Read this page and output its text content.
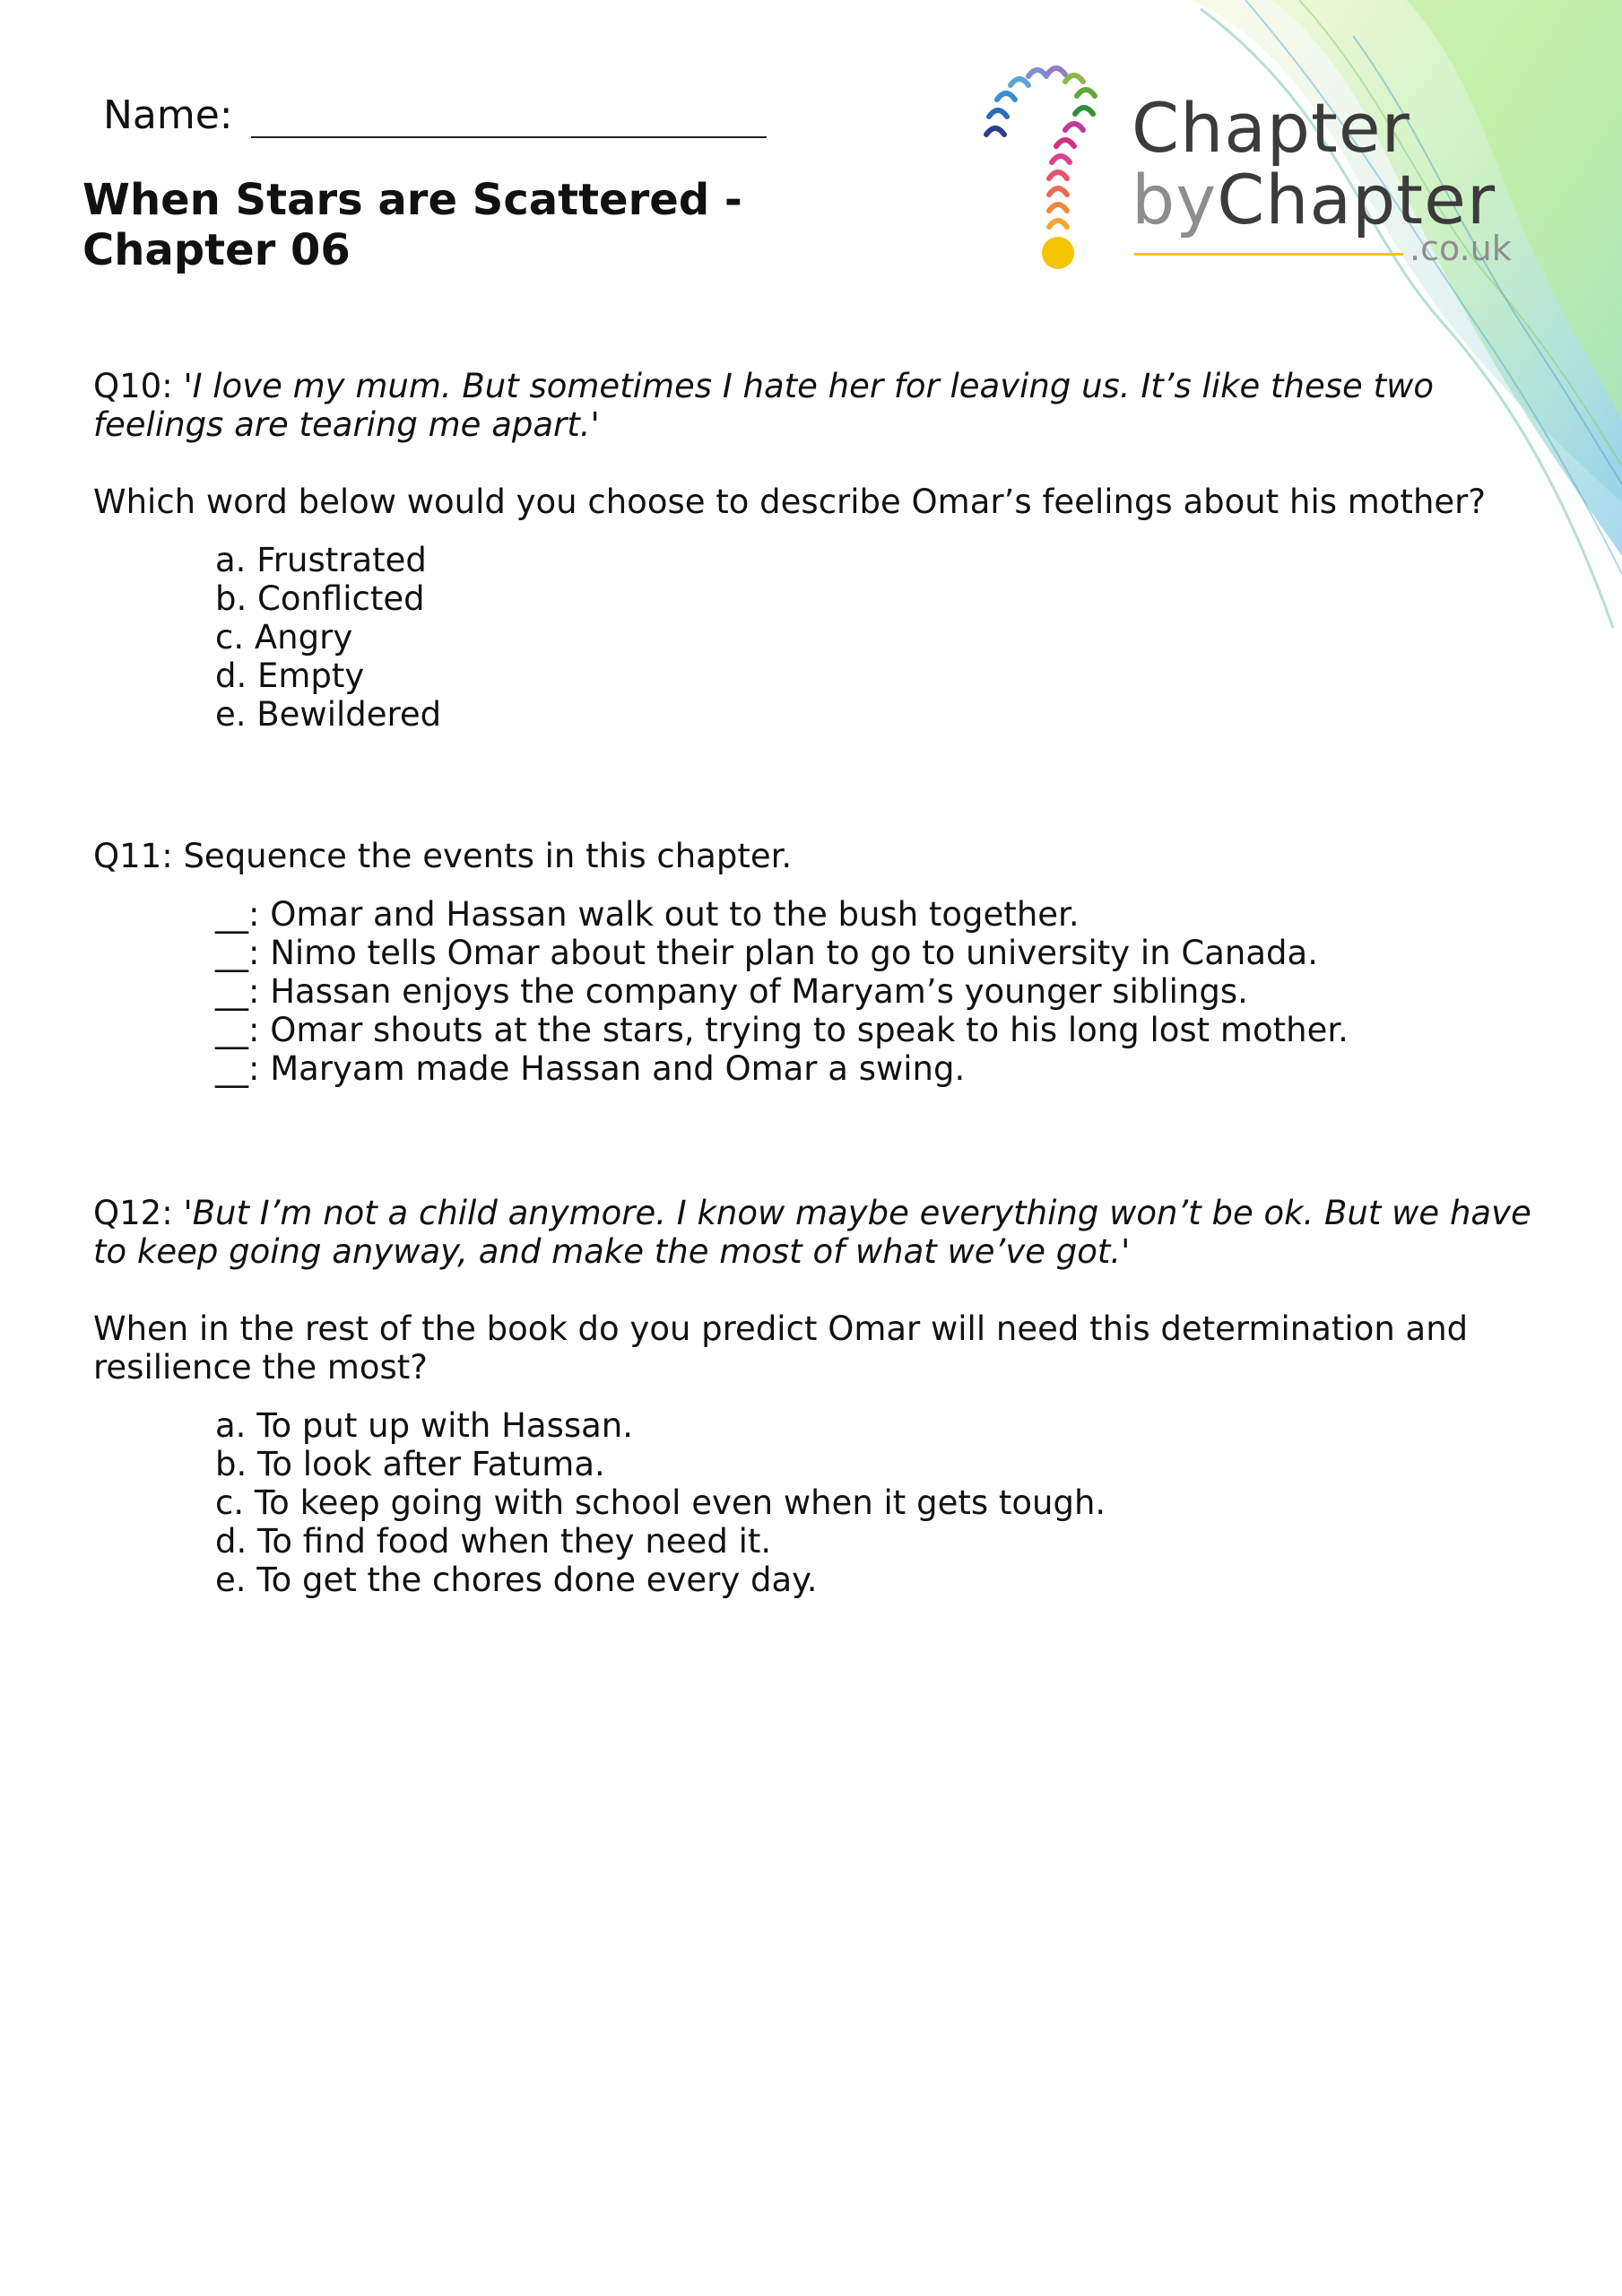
Chapter
byChapter
.co.uk
Name:
When Stars are Scattered -
Chapter 06

Q10: 'I love my mum. But sometimes I hate her for leaving us. It’s like these two feelings are tearing me apart.'

Which word below would you choose to describe Omar’s feelings about his mother?

a. Frustrated
b. Conflicted
c. Angry
d. Empty
e. Bewildered

Q11: Sequence the events in this chapter.

__: Omar and Hassan walk out to the bush together.
__: Nimo tells Omar about their plan to go to university in Canada.
__: Hassan enjoys the company of Maryam’s younger siblings.
__: Omar shouts at the stars, trying to speak to his long lost mother.
__: Maryam made Hassan and Omar a swing.

Q12: 'But I’m not a child anymore. I know maybe everything won’t be ok. But we have to keep going anyway, and make the most of what we’ve got.'

When in the rest of the book do you predict Omar will need this determination and resilience the most?

a. To put up with Hassan.
b. To look after Fatuma.
c. To keep going with school even when it gets tough.
d. To find food when they need it.
e. To get the chores done every day.
